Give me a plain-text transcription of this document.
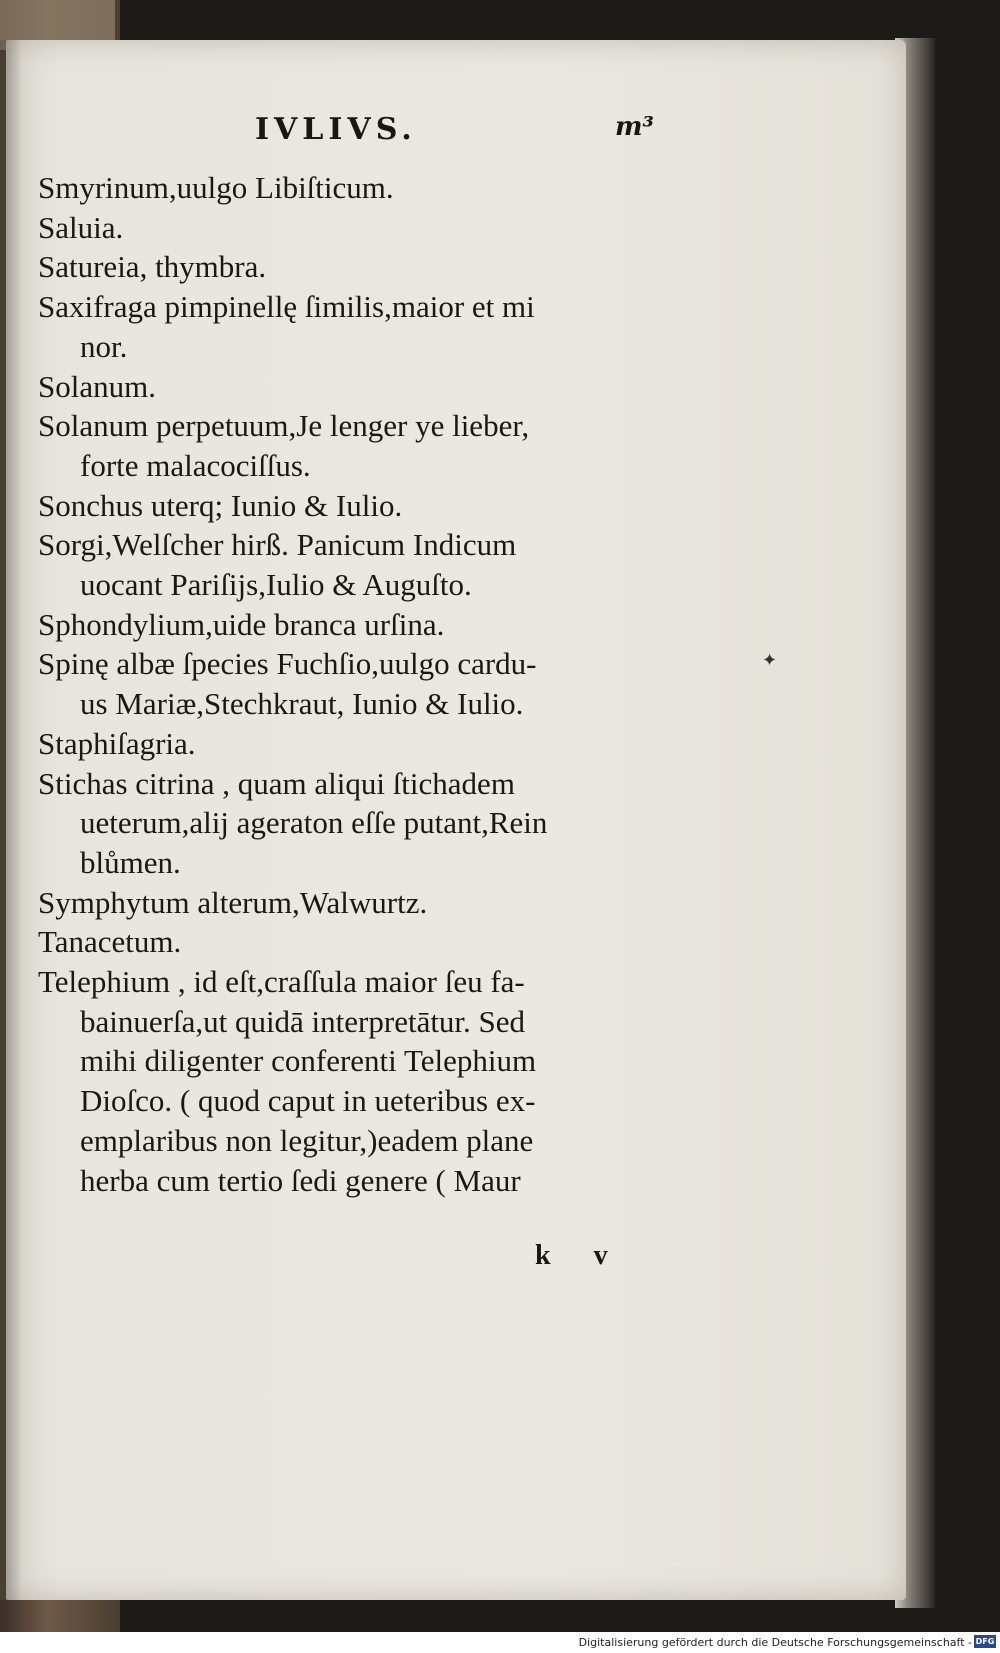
IVLIVS.	m³
Smyrinum,uulgo Libiſticum.
Saluia.
Satureia, thymbra.
Saxifraga pimpinellę ſimilis,maior et mi
nor.
Solanum.
Solanum perpetuum,Je lenger ye lieber,
forte malacociſſus.
Sonchus uterq; Iunio & Iulio.
Sorgi,Welſcher hirß. Panicum Indicum
uocant Pariſijs,Iulio & Auguſto.
Sphondylium,uide branca urſina.
Spinę albæ ſpecies Fuchſio,uulgo cardu-
us Mariæ,Stechkraut, Iunio & Iulio.
Staphiſagria.
Stichas citrina , quam aliqui ſtichadem
ueterum,alij ageraton eſſe putant,Rein
blůmen.
Symphytum alterum,Walwurtz.
Tanacetum.
Telephium , id eſt,craſſula maior ſeu fa-
bainuerſa,ut quidā interpretātur. Sed
mihi diligenter conferenti Telephium
Dioſco. ( quod caput in ueteribus ex-
emplaribus non legitur,)eadem plane
herba cum tertio ſedi genere ( Maur
✦
k v
Digitalisierung gefördert durch die Deutsche Forschungsgemeinschaft - DFG
